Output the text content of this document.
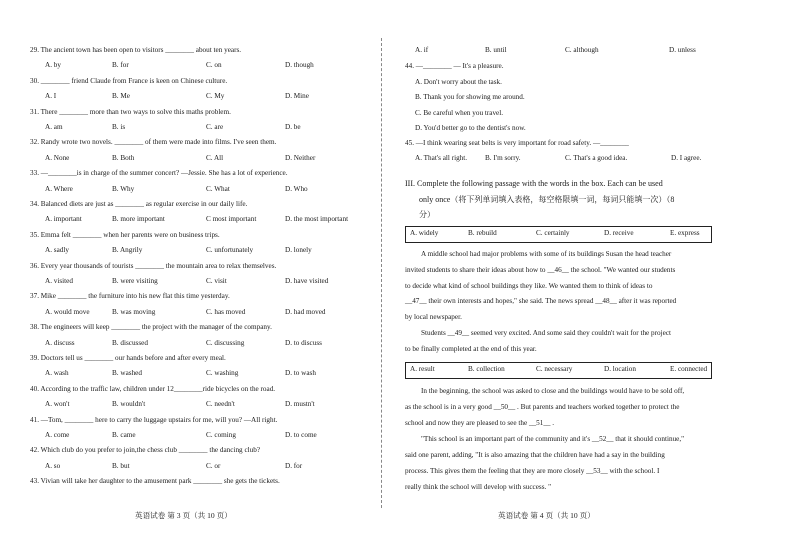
29. The ancient town has been open to visitors ________ about ten years.
A. by	B. for	C. on	D. though
30. ________ friend Claude from France is keen on Chinese culture.
A. I	B. Me	C. My	D. Mine
31. There ________ more than two ways to solve this maths problem.
A. am	B. is	C. are	D. be
32. Randy wrote two novels. ________ of them were made into films. I've seen them.
A. None	B. Both	C. All	D. Neither
33. —________is in charge of the summer concert? —Jessie. She has a lot of experience.
A. Where	B. Why	C. What	D. Who
34. Balanced diets are just as ________ as regular exercise in our daily life.
A. important	B. more important	C most important	D. the most important
35. Emma felt ________ when her parents were on business trips.
A. sadly	B. Angrily	C. unfortunately	D. lonely
36. Every year thousands of tourists ________ the mountain area to relax themselves.
A. visited	B. were visiting	C. visit	D. have visited
37. Mike ________ the furniture into his new flat this time yesterday.
A. would move	B. was moving	C. has moved	D. had moved
38. The engineers will keep ________ the project with the manager of the company.
A. discuss	B. discussed	C. discussing	D. to discuss
39. Doctors tell us ________ our hands before and after every meal.
A. wash	B. washed	C. washing	D. to wash
40. According to the traffic law, children under 12________ride bicycles on the road.
A. won't	B. wouldn't	C. needn't	D. mustn't
41. —Tom, ________ here to carry the luggage upstairs for me, will you? —All right.
A. come	B. came	C. coming	D. to come
42. Which club do you prefer to join,the chess club ________ the dancing club?
A. so	B. but	C. or	D. for
43. Vivian will take her daughter to the amusement park ________ she gets the tickets.
A. if	B. until	C. although	D. unless
44. —________ — It's a pleasure.
A. Don't worry about the task.
B. Thank you for showing me around.
C. Be careful when you travel.
D. You'd better go to the dentist's now.
45. —I think wearing seat belts is very important for road safety. —________
A. That's all right. B. I'm sorry.	C. That's a good idea.	D. I agree.
III. Complete the following passage with the words in the box. Each can be used
only once（将下列单词填入表格，每空格限填一词，每词只能填一次）（8
分）
A. widely	B. rebuild	C. certainly	D. receive	E. express
A middle school had major problems with some of its buildings Susan the head teacher
invited students to share their ideas about how to __46__ the school. "We wanted our students
to decide what kind of school buildings they like. We wanted them to think of ideas to
__47__ their own interests and hopes," she said. The news spread __48__ after it was reported
by local newspaper.
Students __49__ seemed very excited. And some said they couldn't wait for the project
to be finally completed at the end of this year.
A. result	B. collection	C. necessary	D. location	E. connected
In the beginning, the school was asked to close and the buildings would have to be sold off,
as the school is in a very good __50__ . But parents and teachers worked together to protect the
school and now they are pleased to see the __51__ .
"This school is an important part of the community and it's __52__ that it should continue,"
said one parent, adding, "It is also amazing that the children have had a say in the building
process. This gives them the feeling that they are more closely __53__ with the school. I
really think the school will develop with success. "
英语试卷 第 3 页（共 10 页）	英语试卷 第 4 页（共 10 页）
